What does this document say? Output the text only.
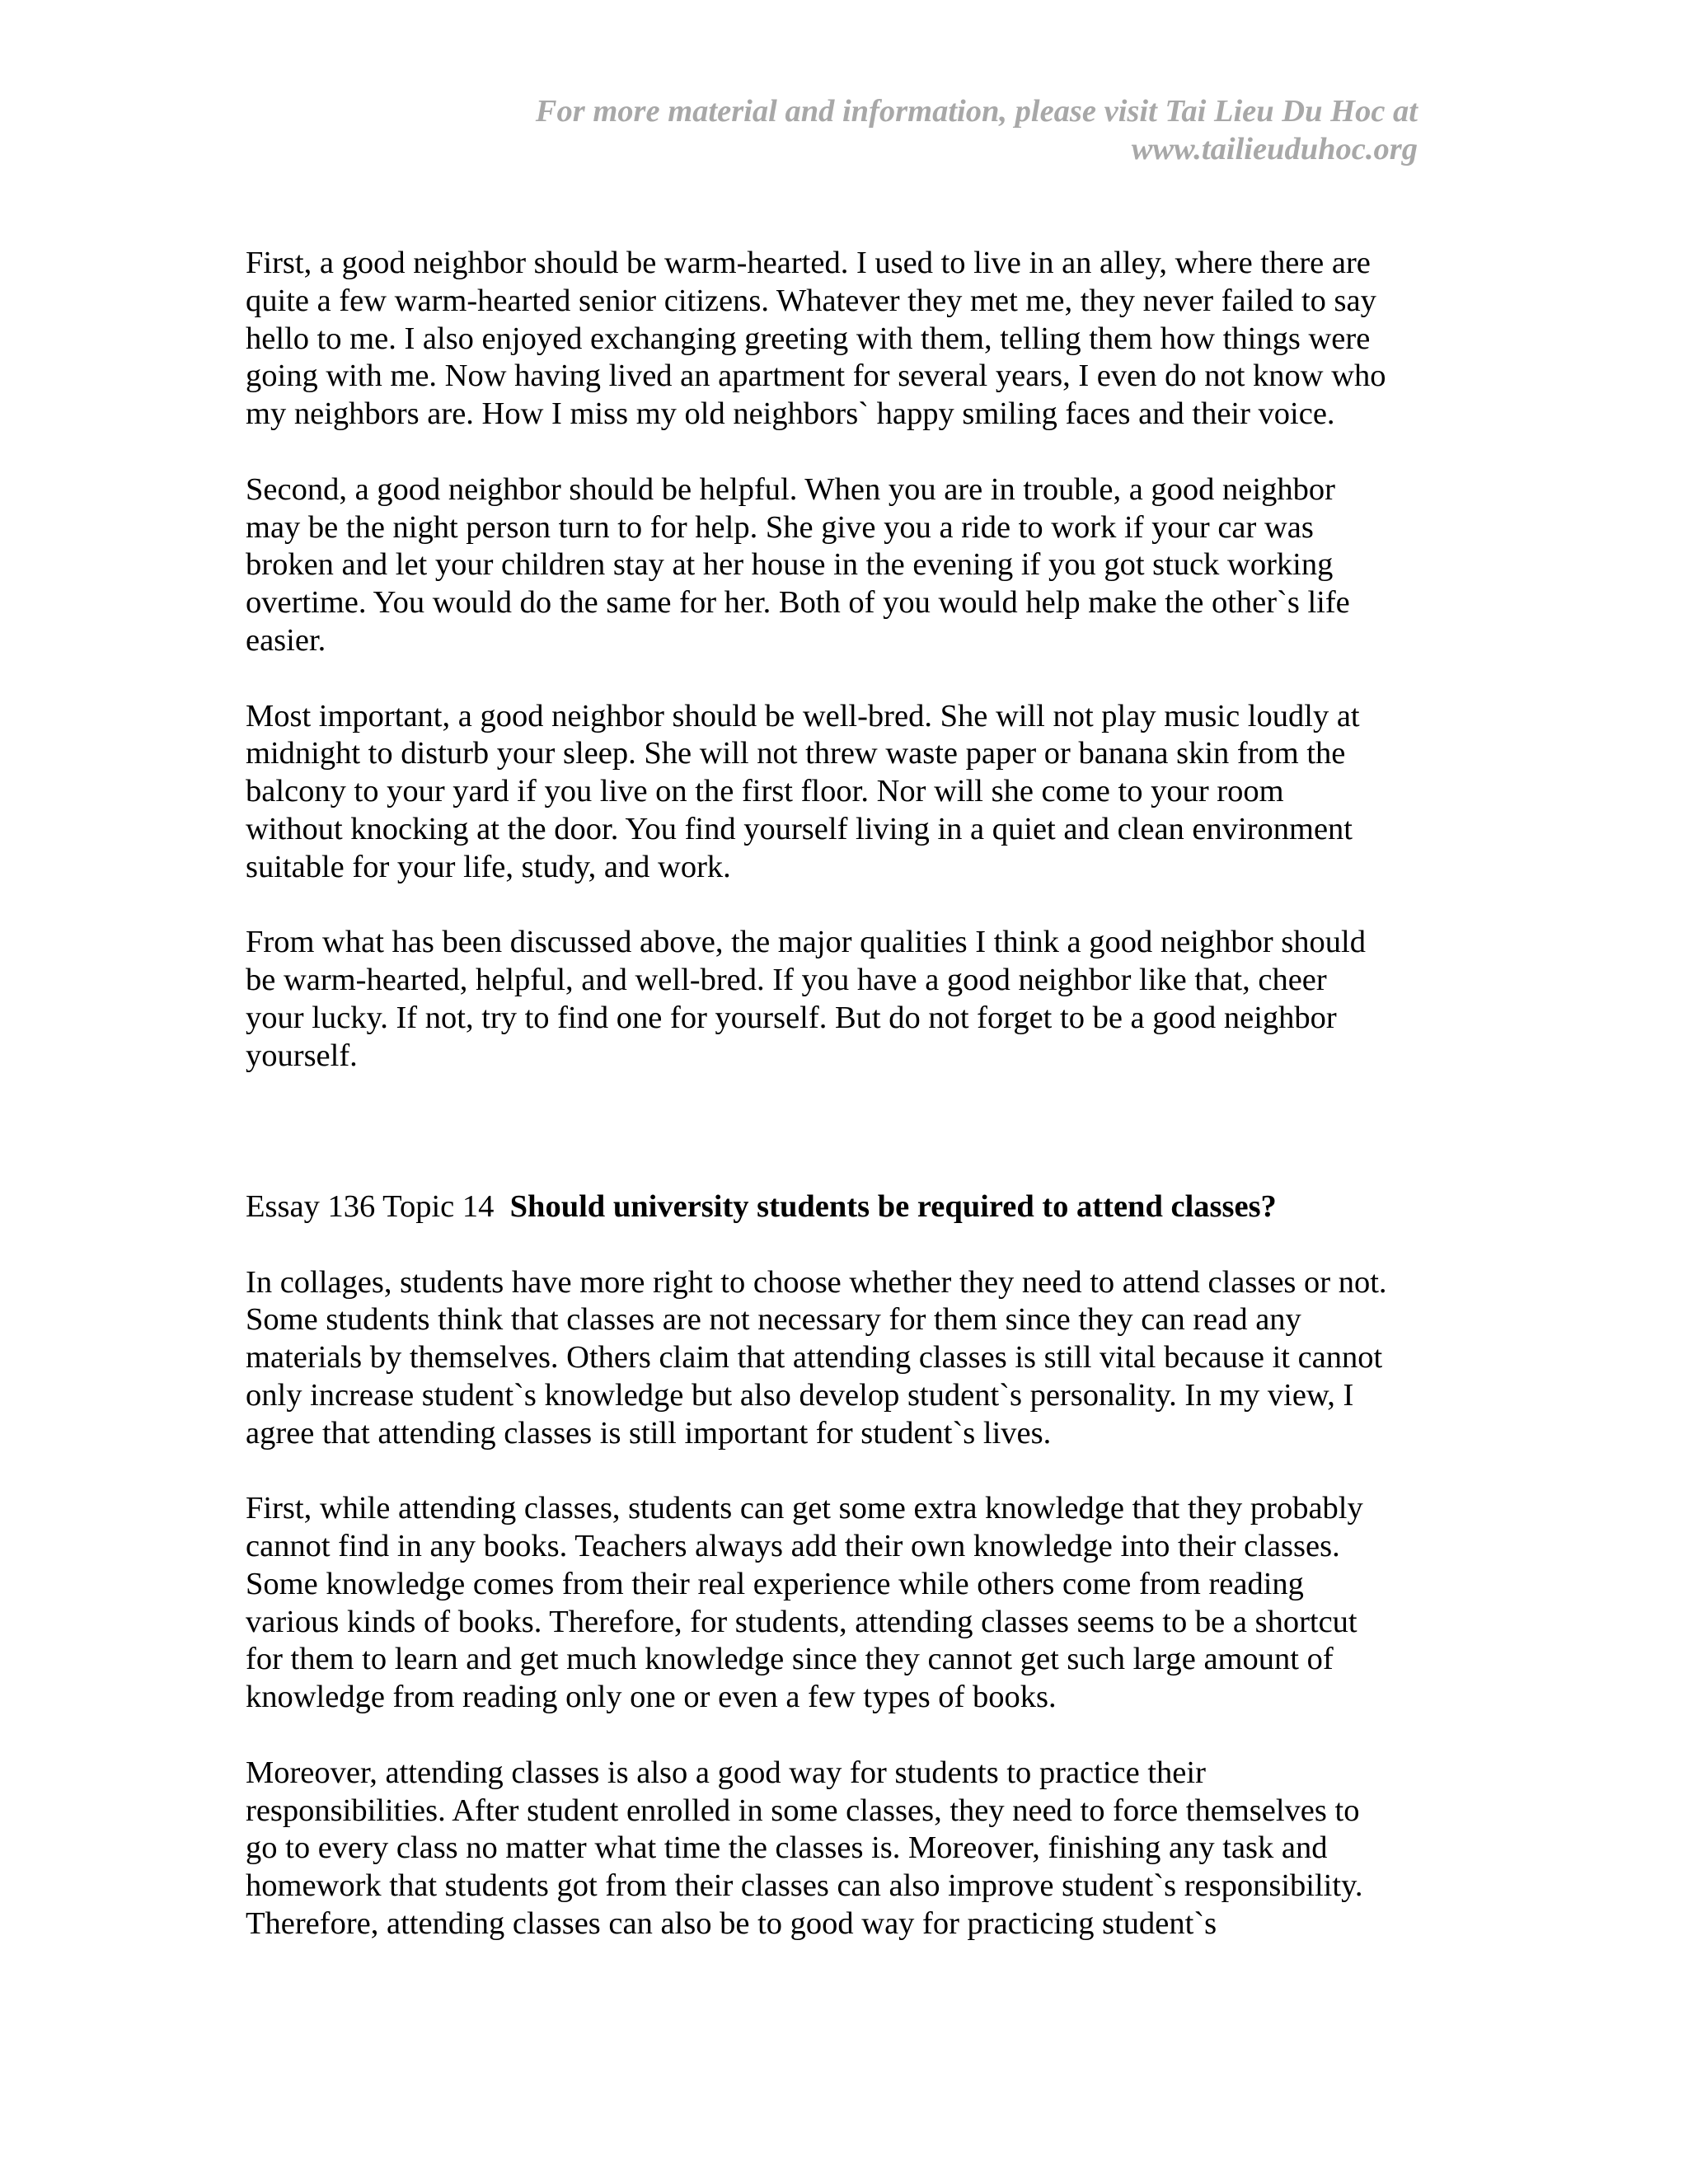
For more material and information, please visit Tai Lieu Du Hoc at
www.tailieuduhoc.org
First, a good neighbor should be warm-hearted. I used to live in an alley, where there are
quite a few warm-hearted senior citizens. Whatever they met me, they never failed to say
hello to me. I also enjoyed exchanging greeting with them, telling them how things were
going with me. Now having lived an apartment for several years, I even do not know who
my neighbors are. How I miss my old neighbors` happy smiling faces and their voice.
Second, a good neighbor should be helpful. When you are in trouble, a good neighbor
may be the night person turn to for help. She give you a ride to work if your car was
broken and let your children stay at her house in the evening if you got stuck working
overtime. You would do the same for her. Both of you would help make the other`s life
easier.
Most important, a good neighbor should be well-bred. She will not play music loudly at
midnight to disturb your sleep. She will not threw waste paper or banana skin from the
balcony to your yard if you live on the first floor. Nor will she come to your room
without knocking at the door. You find yourself living in a quiet and clean environment
suitable for your life, study, and work.
From what has been discussed above, the major qualities I think a good neighbor should
be warm-hearted, helpful, and well-bred. If you have a good neighbor like that, cheer
your lucky. If not, try to find one for yourself. But do not forget to be a good neighbor
yourself.
Essay 136 Topic 14 Should university students be required to attend classes?
In collages, students have more right to choose whether they need to attend classes or not.
Some students think that classes are not necessary for them since they can read any
materials by themselves. Others claim that attending classes is still vital because it cannot
only increase student`s knowledge but also develop student`s personality. In my view, I
agree that attending classes is still important for student`s lives.
First, while attending classes, students can get some extra knowledge that they probably
cannot find in any books. Teachers always add their own knowledge into their classes.
Some knowledge comes from their real experience while others come from reading
various kinds of books. Therefore, for students, attending classes seems to be a shortcut
for them to learn and get much knowledge since they cannot get such large amount of
knowledge from reading only one or even a few types of books.
Moreover, attending classes is also a good way for students to practice their
responsibilities. After student enrolled in some classes, they need to force themselves to
go to every class no matter what time the classes is. Moreover, finishing any task and
homework that students got from their classes can also improve student`s responsibility.
Therefore, attending classes can also be to good way for practicing student`s
